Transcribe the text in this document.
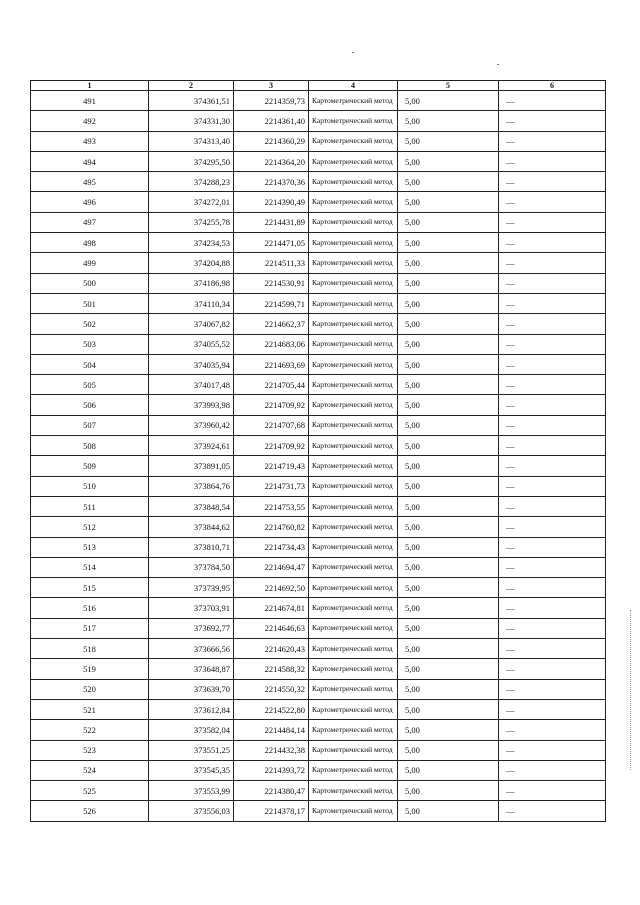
1	2	3	4	5	6
491	374361,51	2214359,73	Картометрический метод	5,00	—
492	374331,30	2214361,40	Картометрический метод	5,00	—
493	374313,40	2214360,29	Картометрический метод	5,00	—
494	374295,50	2214364,20	Картометрический метод	5,00	—
495	374288,23	2214370,36	Картометрический метод	5,00	—
496	374272,01	2214390,49	Картометрический метод	5,00	—
497	374255,78	2214431,89	Картометрический метод	5,00	—
498	374234,53	2214471,05	Картометрический метод	5,00	—
499	374204,88	2214511,33	Картометрический метод	5,00	—
500	374186,98	2214530,91	Картометрический метод	5,00	—
501	374110,34	2214599,71	Картометрический метод	5,00	—
502	374067,82	2214662,37	Картометрический метод	5,00	—
503	374055,52	2214683,06	Картометрический метод	5,00	—
504	374035,94	2214693,69	Картометрический метод	5,00	—
505	374017,48	2214705,44	Картометрический метод	5,00	—
506	373993,98	2214709,92	Картометрический метод	5,00	—
507	373960,42	2214707,68	Картометрический метод	5,00	—
508	373924,61	2214709,92	Картометрический метод	5,00	—
509	373891,05	2214719,43	Картометрический метод	5,00	—
510	373864,76	2214731,73	Картометрический метод	5,00	—
511	373848,54	2214753,55	Картометрический метод	5,00	—
512	373844,62	2214760,82	Картометрический метод	5,00	—
513	373810,71	2214734,43	Картометрический метод	5,00	—
514	373784,50	2214694,47	Картометрический метод	5,00	—
515	373739,95	2214692,50	Картометрический метод	5,00	—
516	373703,91	2214674,81	Картометрический метод	5,00	—
517	373692,77	2214646,63	Картометрический метод	5,00	—
518	373666,56	2214620,43	Картометрический метод	5,00	—
519	373648,87	2214588,32	Картометрический метод	5,00	—
520	373639,70	2214550,32	Картометрический метод	5,00	—
521	373612,84	2214522,80	Картометрический метод	5,00	—
522	373582,04	2214484,14	Картометрический метод	5,00	—
523	373551,25	2214432,38	Картометрический метод	5,00	—
524	373545,35	2214393,72	Картометрический метод	5,00	—
525	373553,99	2214380,47	Картометрический метод	5,00	—
526	373556,03	2214378,17	Картометрический метод	5,00	—
